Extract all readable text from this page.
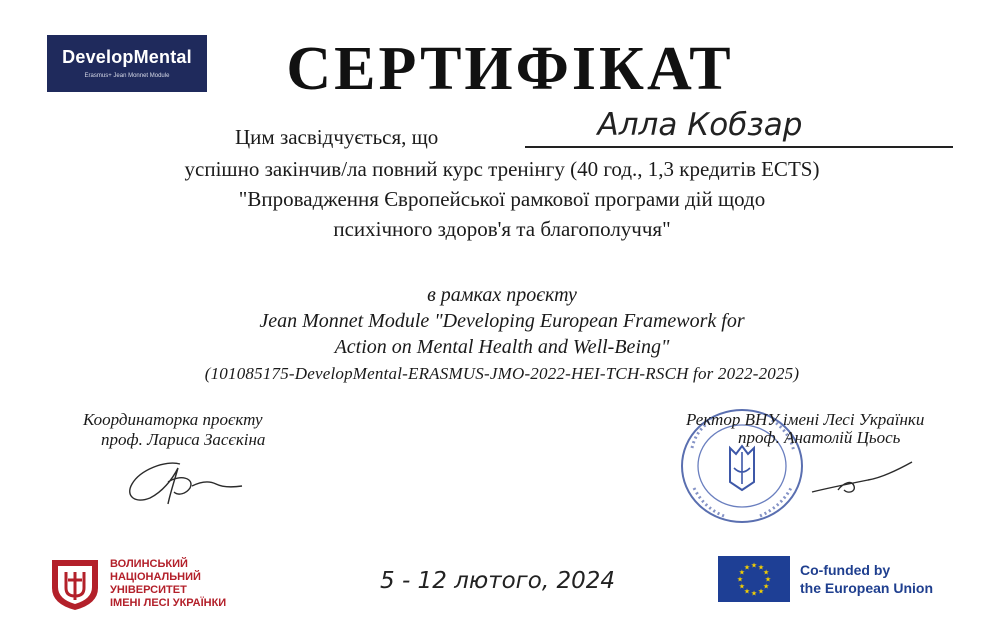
DevelopMental
Erasmus+ Jean Monnet Module	СЕРТИФІКАТ
Цим засвідчується, що	Алла Кобзар
успішно закінчив/ла повний курс тренінгу (40 год., 1,3 кредитів ECTS)
"Впровадження Європейської рамкової програми дій щодо
психічного здоров'я та благополуччя"
в рамках проєкту
Jean Monnet Module "Developing European Framework for
Action on Mental Health and Well-Being"
(101085175-DevelopMental-ERASMUS-JMO-2022-HEI-TCH-RSCH for 2022-2025)
Координаторка проєкту
проф. Лариса Засєкіна
Ректор ВНУ імені Лесі Українки
проф. Анатолій Цьось
ВОЛИНСЬКИЙ
НАЦІОНАЛЬНИЙ
УНІВЕРСИТЕТ
ІМЕНІ ЛЕСІ УКРАЇНКИ
5 - 12 лютого, 2024
★ ★
★
★
★
★
★
★
★
★
★
★	Co-funded by
the European Union
